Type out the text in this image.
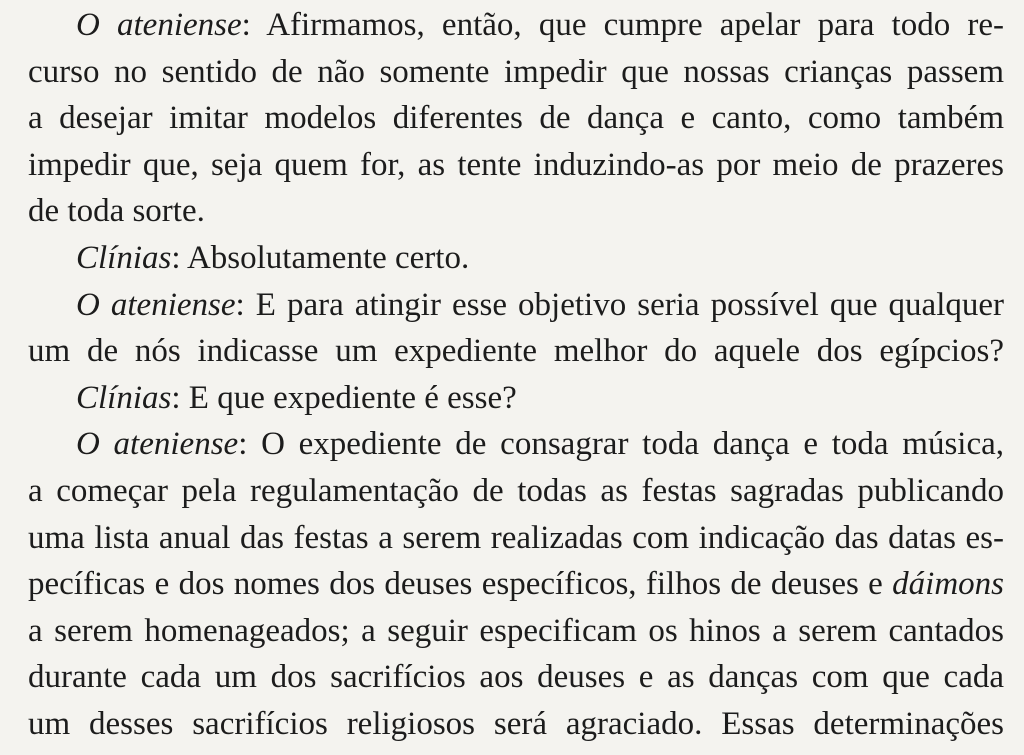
O ateniense: Afirmamos, então, que cumpre apelar para todo re-
curso no sentido de não somente impedir que nossas crianças passem
a desejar imitar modelos diferentes de dança e canto, como também
impedir que, seja quem for, as tente induzindo-as por meio de prazeres
de toda sorte.
Clínias: Absolutamente certo.
O ateniense: E para atingir esse objetivo seria possível que qualquer
um de nós indicasse um expediente melhor do aquele dos egípcios?
Clínias: E que expediente é esse?
O ateniense: O expediente de consagrar toda dança e toda música,
a começar pela regulamentação de todas as festas sagradas publicando
uma lista anual das festas a serem realizadas com indicação das datas es-
pecíficas e dos nomes dos deuses específicos, filhos de deuses e dáimons
a serem homenageados; a seguir especificam os hinos a serem cantados
durante cada um dos sacrifícios aos deuses e as danças com que cada
um desses sacrifícios religiosos será agraciado. Essas determinações
